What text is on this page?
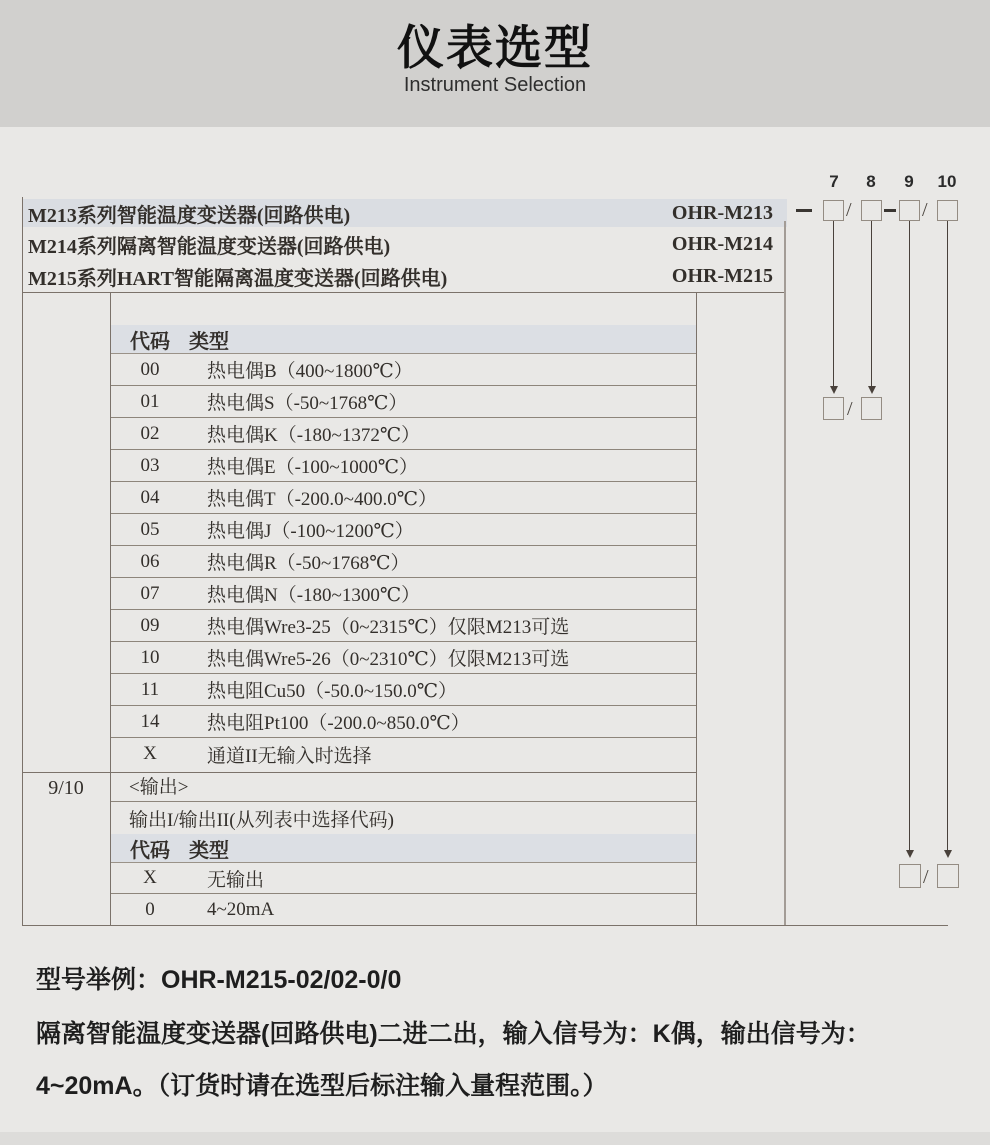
仪表选型
Instrument Selection
M213系列智能温度变送器(回路供电)	OHR-M213
M214系列隔离智能温度变送器(回路供电)	OHR-M214
M215系列HART智能隔离温度变送器(回路供电)	OHR-M215
9/10
代码 类型
00	热电偶B（400~1800℃）
01	热电偶S（-50~1768℃）
02	热电偶K（-180~1372℃）
03	热电偶E（-100~1000℃）
04	热电偶T（-200.0~400.0℃）
05	热电偶J（-100~1200℃）
06	热电偶R（-50~1768℃）
07	热电偶N（-180~1300℃）
09	热电偶Wre3-25（0~2315℃）仅限M213可选
10	热电偶Wre5-26（0~2310℃）仅限M213可选
11	热电阻Cu50（-50.0~150.0℃）
14	热电阻Pt100（-200.0~850.0℃）
X	通道II无输入时选择
<输出>
输出I/输出II(从列表中选择代码)
代码 类型
X	无输出
0	4~20mA
7	8	9	10
/	/
/
/
型号举例：OHR-M215-02/02-0/0
隔离智能温度变送器(回路供电)二进二出，输入信号为：K偶，输出信号为：
4~20mA。（订货时请在选型后标注输入量程范围。）
